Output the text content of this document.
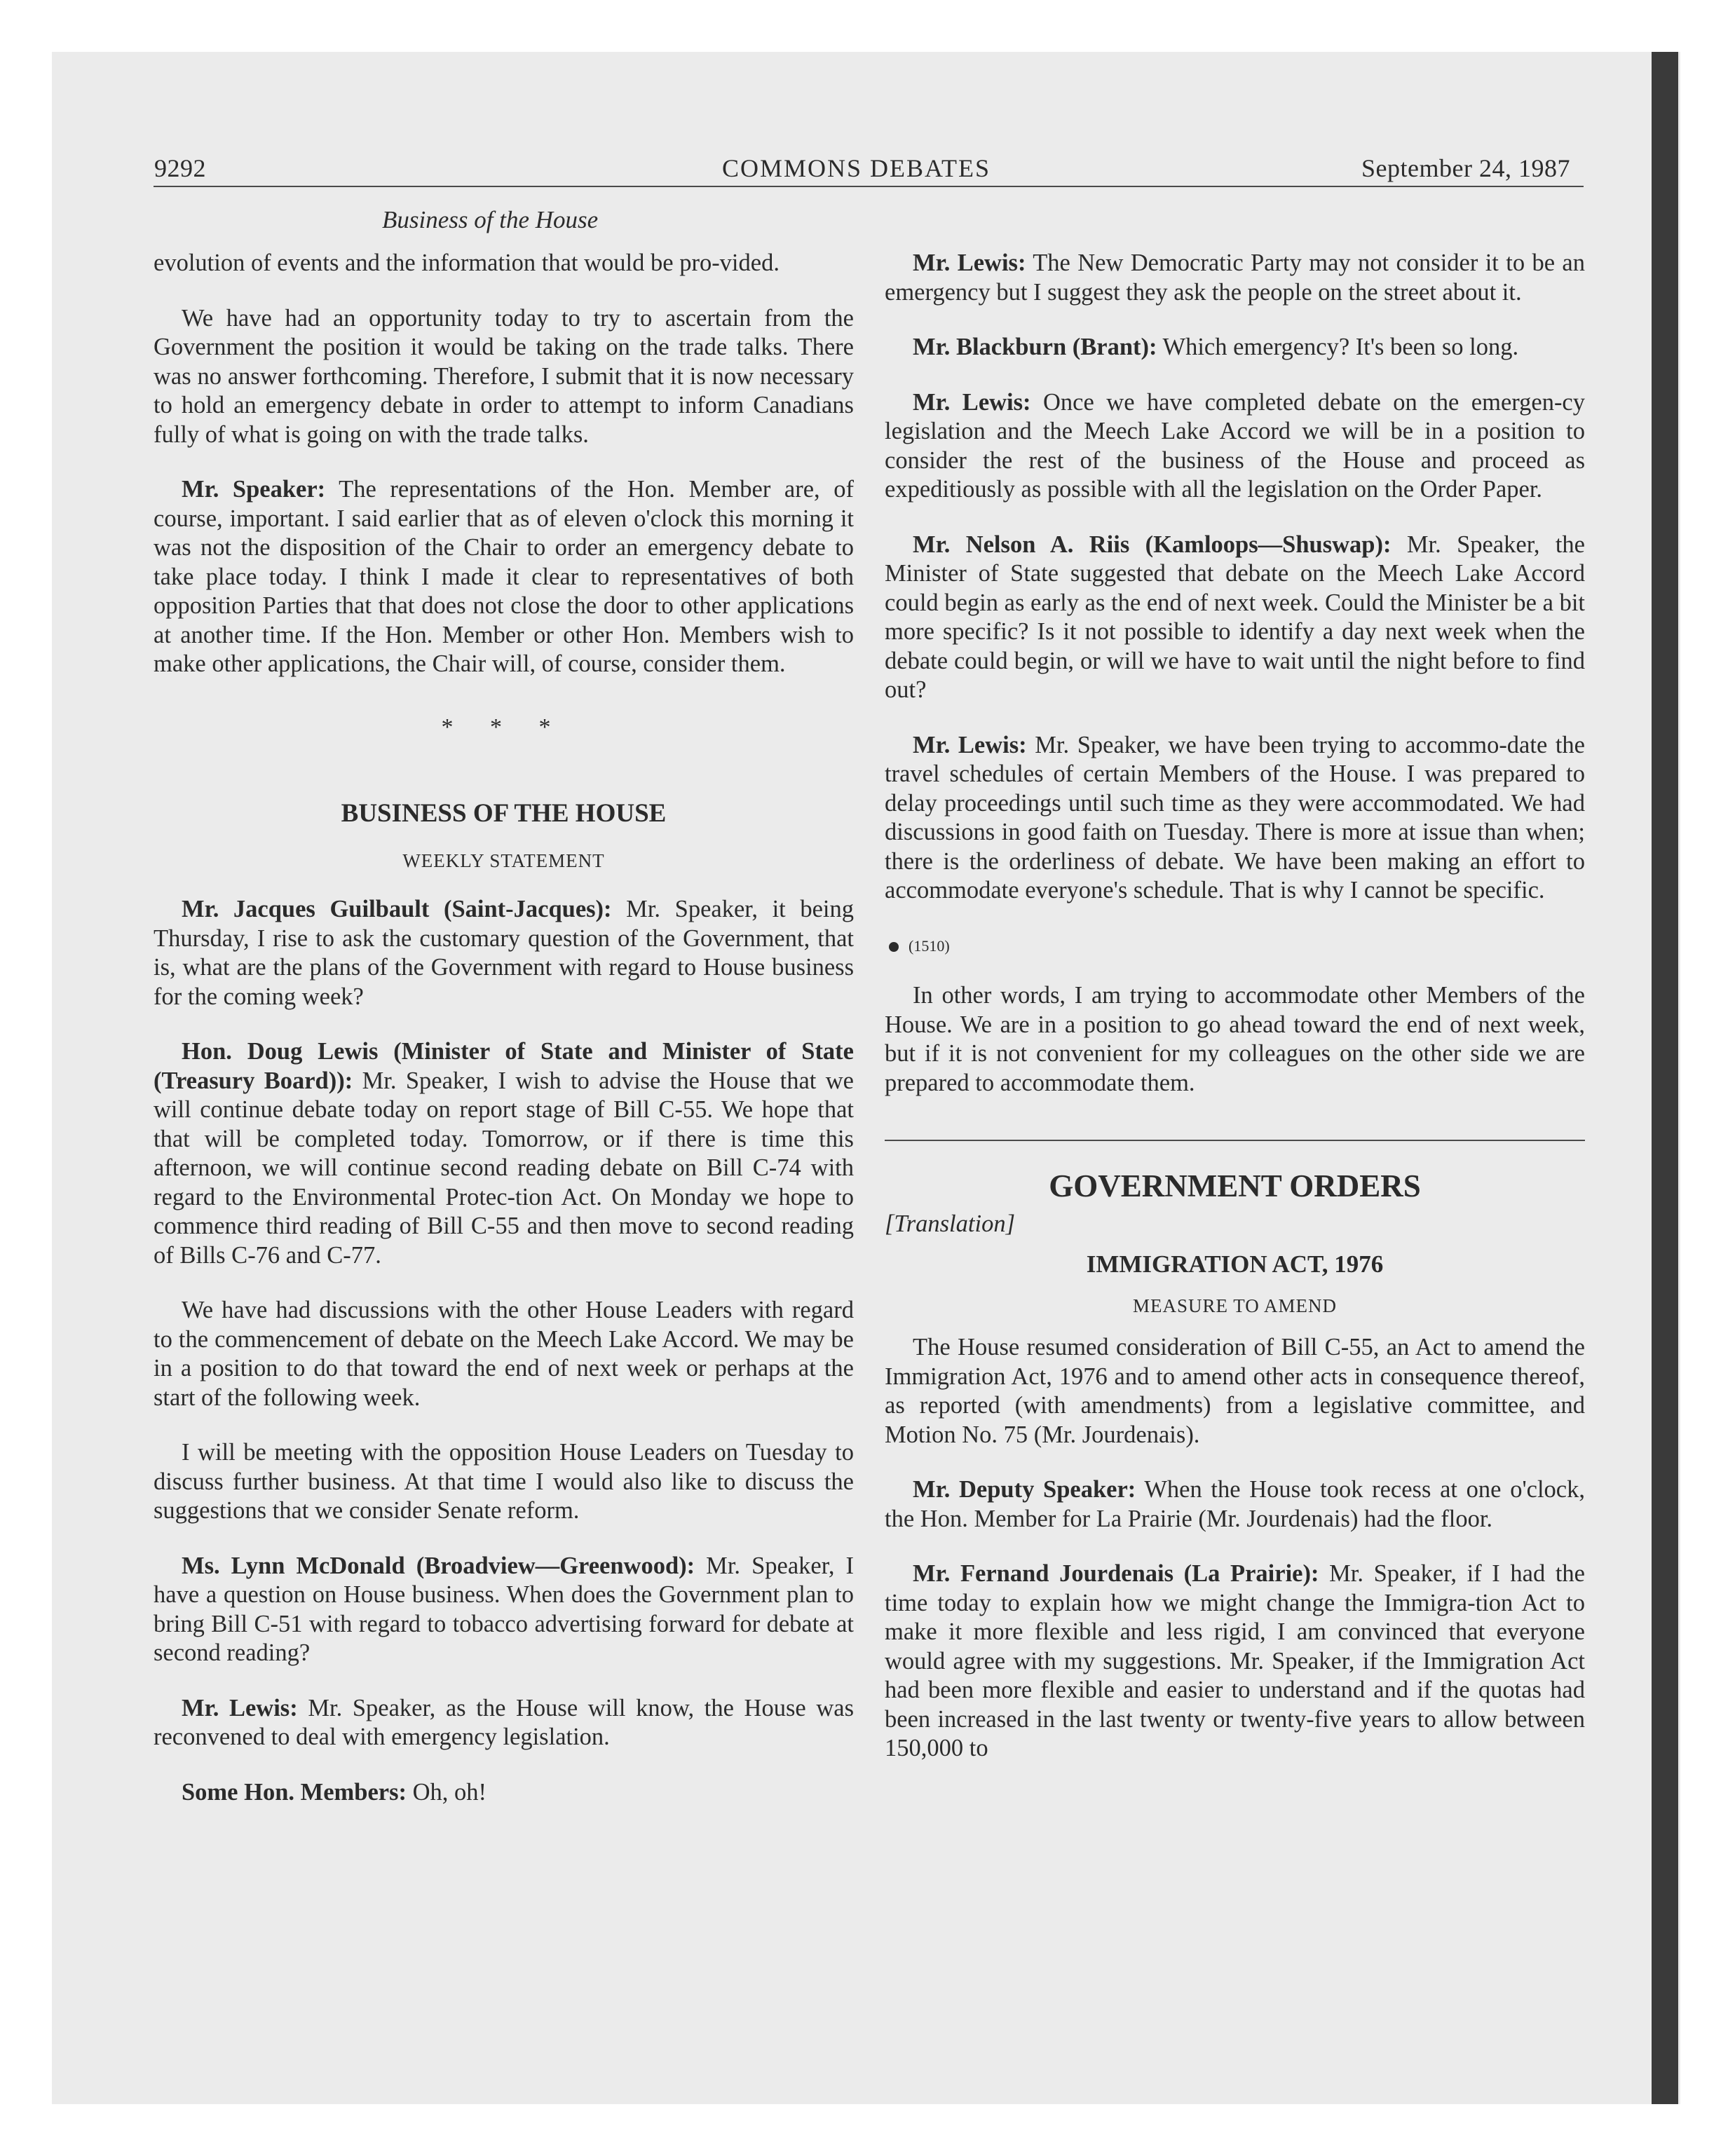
9292	COMMONS DEBATES	September 24, 1987
Business of the House

evolution of events and the information that would be pro-vided.

We have had an opportunity today to try to ascertain from the Government the position it would be taking on the trade talks. There was no answer forthcoming. Therefore, I submit that it is now necessary to hold an emergency debate in order to attempt to inform Canadians fully of what is going on with the trade talks.

Mr. Speaker: The representations of the Hon. Member are, of course, important. I said earlier that as of eleven o'clock this morning it was not the disposition of the Chair to order an emergency debate to take place today. I think I made it clear to representatives of both opposition Parties that that does not close the door to other applications at another time. If the Hon. Member or other Hon. Members wish to make other applications, the Chair will, of course, consider them.

* * *
BUSINESS OF THE HOUSE
WEEKLY STATEMENT

Mr. Jacques Guilbault (Saint-Jacques): Mr. Speaker, it being Thursday, I rise to ask the customary question of the Government, that is, what are the plans of the Government with regard to House business for the coming week?

Hon. Doug Lewis (Minister of State and Minister of State (Treasury Board)): Mr. Speaker, I wish to advise the House that we will continue debate today on report stage of Bill C-55. We hope that that will be completed today. Tomorrow, or if there is time this afternoon, we will continue second reading debate on Bill C-74 with regard to the Environmental Protec-tion Act. On Monday we hope to commence third reading of Bill C-55 and then move to second reading of Bills C-76 and C-77.

We have had discussions with the other House Leaders with regard to the commencement of debate on the Meech Lake Accord. We may be in a position to do that toward the end of next week or perhaps at the start of the following week.

I will be meeting with the opposition House Leaders on Tuesday to discuss further business. At that time I would also like to discuss the suggestions that we consider Senate reform.

Ms. Lynn McDonald (Broadview—Greenwood): Mr. Speaker, I have a question on House business. When does the Government plan to bring Bill C-51 with regard to tobacco advertising forward for debate at second reading?

Mr. Lewis: Mr. Speaker, as the House will know, the House was reconvened to deal with emergency legislation.

Some Hon. Members: Oh, oh!

Mr. Lewis: The New Democratic Party may not consider it to be an emergency but I suggest they ask the people on the street about it.

Mr. Blackburn (Brant): Which emergency? It's been so long.

Mr. Lewis: Once we have completed debate on the emergen-cy legislation and the Meech Lake Accord we will be in a position to consider the rest of the business of the House and proceed as expeditiously as possible with all the legislation on the Order Paper.

Mr. Nelson A. Riis (Kamloops—Shuswap): Mr. Speaker, the Minister of State suggested that debate on the Meech Lake Accord could begin as early as the end of next week. Could the Minister be a bit more specific? Is it not possible to identify a day next week when the debate could begin, or will we have to wait until the night before to find out?

Mr. Lewis: Mr. Speaker, we have been trying to accommo-date the travel schedules of certain Members of the House. I was prepared to delay proceedings until such time as they were accommodated. We had discussions in good faith on Tuesday. There is more at issue than when; there is the orderliness of debate. We have been making an effort to accommodate everyone's schedule. That is why I cannot be specific.

(1510)

In other words, I am trying to accommodate other Members of the House. We are in a position to go ahead toward the end of next week, but if it is not convenient for my colleagues on the other side we are prepared to accommodate them.

GOVERNMENT ORDERS
[Translation]
IMMIGRATION ACT, 1976
MEASURE TO AMEND

The House resumed consideration of Bill C-55, an Act to amend the Immigration Act, 1976 and to amend other acts in consequence thereof, as reported (with amendments) from a legislative committee, and Motion No. 75 (Mr. Jourdenais).

Mr. Deputy Speaker: When the House took recess at one o'clock, the Hon. Member for La Prairie (Mr. Jourdenais) had the floor.

Mr. Fernand Jourdenais (La Prairie): Mr. Speaker, if I had the time today to explain how we might change the Immigra-tion Act to make it more flexible and less rigid, I am convinced that everyone would agree with my suggestions. Mr. Speaker, if the Immigration Act had been more flexible and easier to understand and if the quotas had been increased in the last twenty or twenty-five years to allow between 150,000 to
